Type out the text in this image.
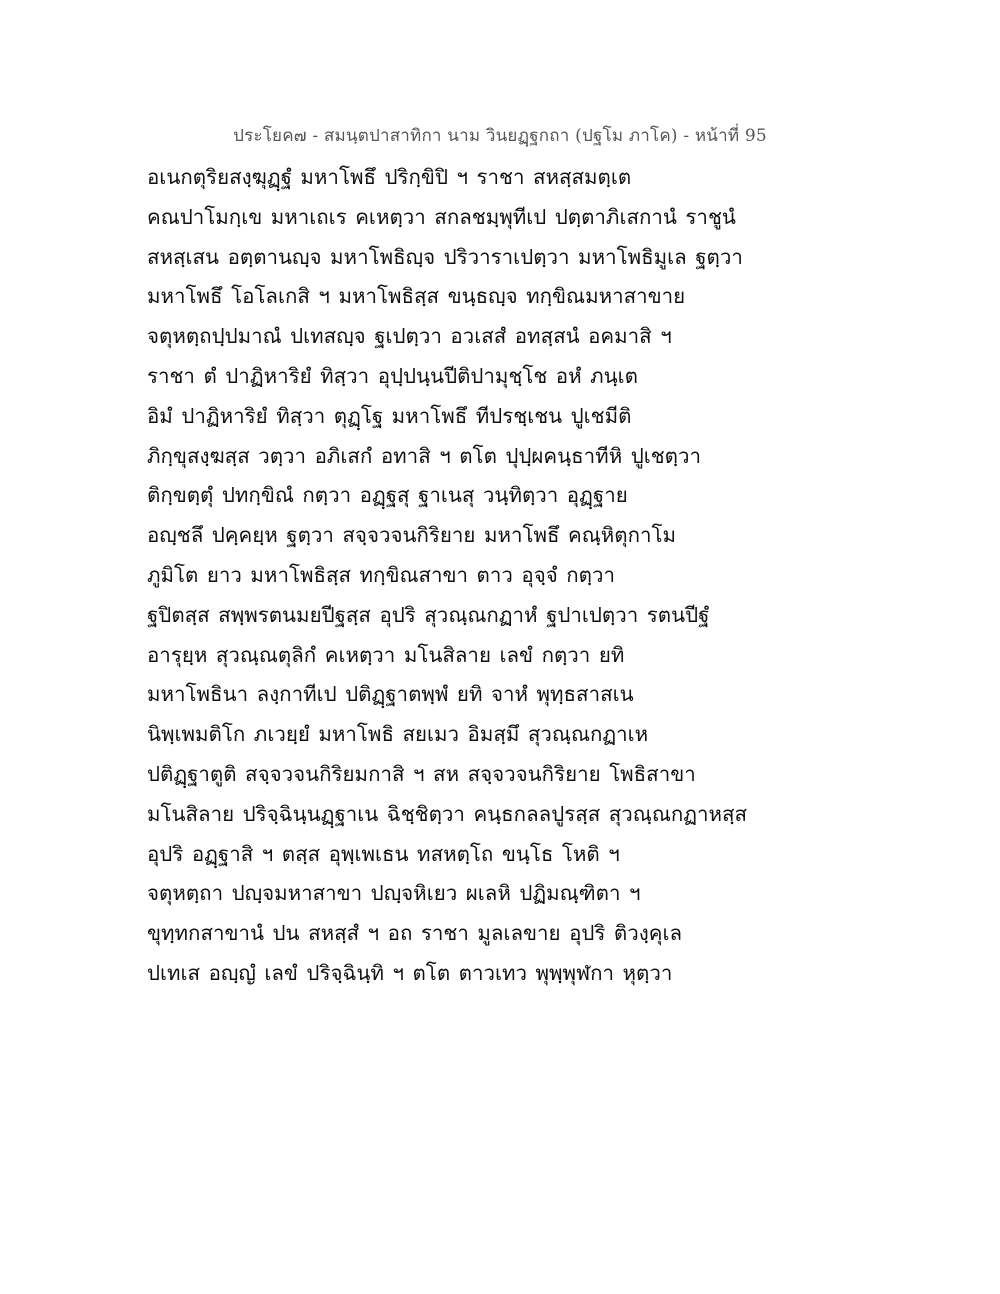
ประโยค๗ - สมนฺตปาสาทิกา นาม วินยฏฺฐกถา (ปฐโม ภาโค) - หน้าที่ 95
อเนกตุริยสงฺฆุฏฺฐํ มหาโพธึ ปริกฺขิปิ ฯ ราชา สหสฺสมตฺเต
คณปาโมกฺเข มหาเถเร คเหตฺวา สกลชมฺพุทีเป ปตฺตาภิเสกานํ ราชูนํ
สหสฺเสน อตฺตานญฺจ มหาโพธิญฺจ ปริวาราเปตฺวา มหาโพธิมูเล ฐตฺวา
มหาโพธึ โอโลเกสิ ฯ มหาโพธิสฺส ขนฺธญฺจ ทกฺขิณมหาสาขาย
จตุหตฺถปฺปมาณํ ปเทสญฺจ ฐเปตฺวา อวเสสํ อทสฺสนํ อคมาสิ ฯ
ราชา ตํ ปาฏิหาริยํ ทิสฺวา อุปฺปนฺนปีติปามุชฺโช อหํ ภนฺเต
อิมํ ปาฏิหาริยํ ทิสฺวา ตุฏฺโฐ มหาโพธึ ทีปรชฺเชน ปูเชมีติ
ภิกฺขุสงฺฆสฺส วตฺวา อภิเสกํ อทาสิ ฯ ตโต ปุปฺผคนฺธาทีหิ ปูเชตฺวา
ติกฺขตฺตุํ ปทกฺขิณํ กตฺวา อฏฺฐสุ ฐาเนสุ วนฺทิตฺวา อุฏฺฐาย
อญฺชลึ ปคฺคยฺห ฐตฺวา สจฺจวจนกิริยาย มหาโพธึ คณฺหิตุกาโม
ภูมิโต ยาว มหาโพธิสฺส ทกฺขิณสาขา ตาว อุจฺจํ กตฺวา
ฐปิตสฺส สพฺพรตนมยปีฐสฺส อุปริ สุวณฺณกฏาหํ ฐปาเปตฺวา รตนปีฐํ
อารุยฺห สุวณฺณตุลิกํ คเหตฺวา มโนสิลาย เลขํ กตฺวา ยทิ
มหาโพธินา ลงฺกาทีเป ปติฏฺฐาตพฺพํ ยทิ จาหํ พุทฺธสาสเน
นิพฺเพมติโก ภเวยฺยํ มหาโพธิ สยเมว อิมสฺมึ สุวณฺณกฏาเห
ปติฏฺฐาตูติ สจฺจวจนกิริยมกาสิ ฯ สห สจฺจวจนกิริยาย โพธิสาขา
มโนสิลาย ปริจฺฉินฺนฏฺฐาเน ฉิชฺชิตฺวา คนฺธกลลปูรสฺส สุวณฺณกฏาหสฺส
อุปริ อฏฺฐาสิ ฯ ตสฺส อุพฺเพเธน ทสหตฺโถ ขนฺโธ โหติ ฯ
จตุหตฺถา ปญฺจมหาสาขา ปญฺจหิเยว ผเลหิ ปฏิมณฺฑิตา ฯ
ขุทฺทกสาขานํ ปน สหสฺสํ ฯ อถ ราชา มูลเลขาย อุปริ ติวงฺคุเล
ปเทเส อญฺญํ เลขํ ปริจฺฉินฺทิ ฯ ตโต ตาวเทว พุพฺพุฬกา หุตฺวา
